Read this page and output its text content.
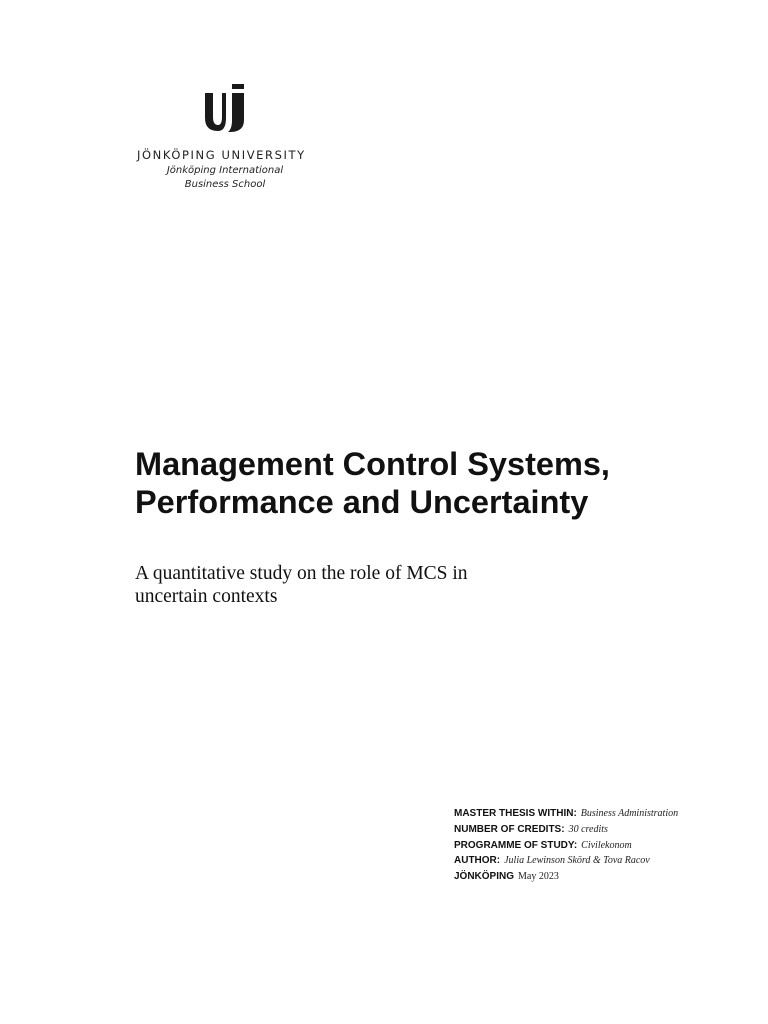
JÖNKÖPING UNIVERSITY
Jönköping International
Business School
Management Control Systems,
Performance and Uncertainty

A quantitative study on the role of MCS in
uncertain contexts

MASTER THESIS WITHIN: Business Administration
NUMBER OF CREDITS: 30 credits
PROGRAMME OF STUDY: Civilekonom
AUTHOR: Julia Lewinson Skörd & Tova Racov
JÖNKÖPING May 2023
